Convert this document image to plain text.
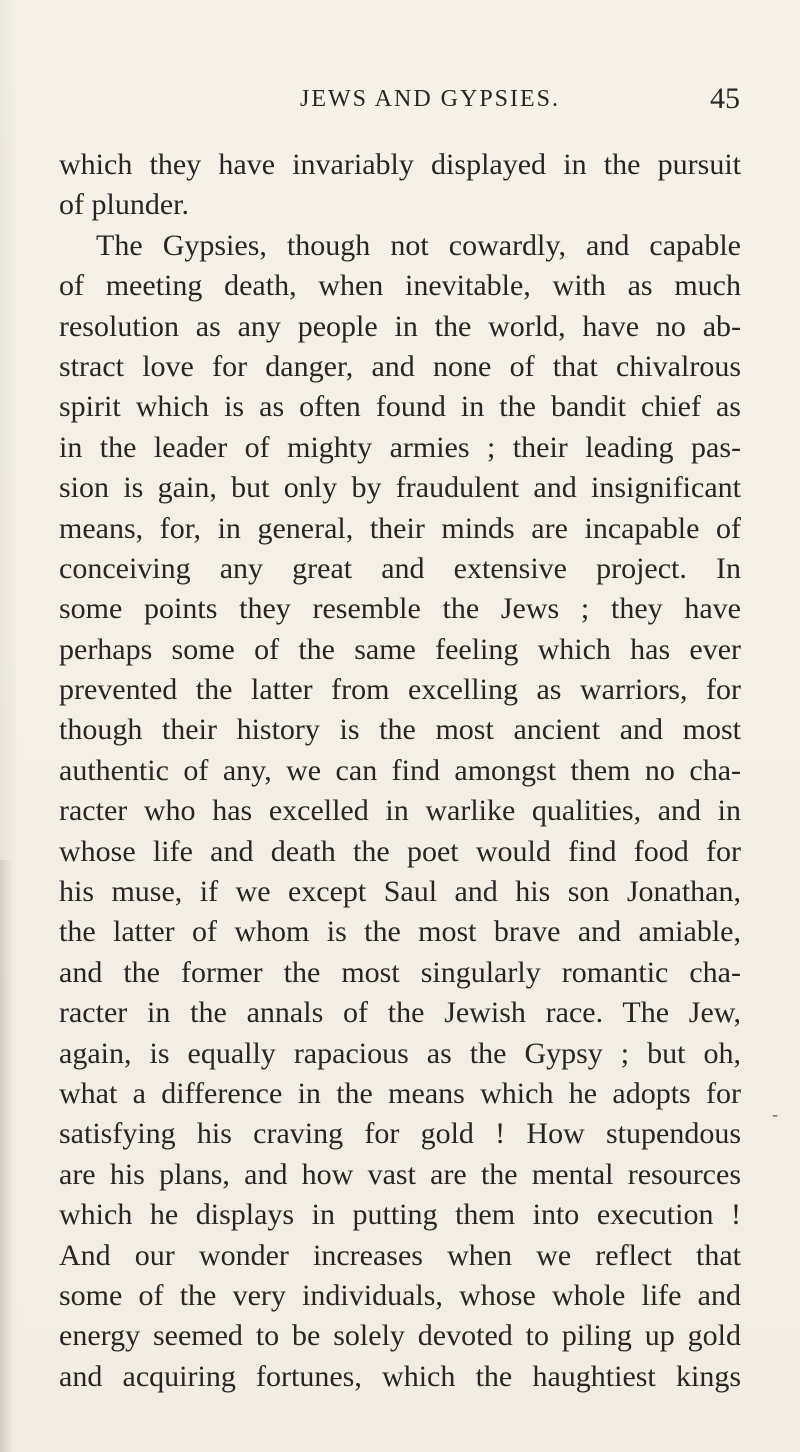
JEWS AND GYPSIES.	45
which they have invariably displayed in the pursuit
of plunder.
The Gypsies, though not cowardly, and capable
of meeting death, when inevitable, with as much
resolution as any people in the world, have no ab-
stract love for danger, and none of that chivalrous
spirit which is as often found in the bandit chief as
in the leader of mighty armies ; their leading pas-
sion is gain, but only by fraudulent and insignificant
means, for, in general, their minds are incapable of
conceiving any great and extensive project. In
some points they resemble the Jews ; they have
perhaps some of the same feeling which has ever
prevented the latter from excelling as warriors, for
though their history is the most ancient and most
authentic of any, we can find amongst them no cha-
racter who has excelled in warlike qualities, and in
whose life and death the poet would find food for
his muse, if we except Saul and his son Jonathan,
the latter of whom is the most brave and amiable,
and the former the most singularly romantic cha-
racter in the annals of the Jewish race. The Jew,
again, is equally rapacious as the Gypsy ; but oh,
what a difference in the means which he adopts for
satisfying his craving for gold ! How stupendous
are his plans, and how vast are the mental resources
which he displays in putting them into execution !
And our wonder increases when we reflect that
some of the very individuals, whose whole life and
energy seemed to be solely devoted to piling up gold
and acquiring fortunes, which the haughtiest kings
-
